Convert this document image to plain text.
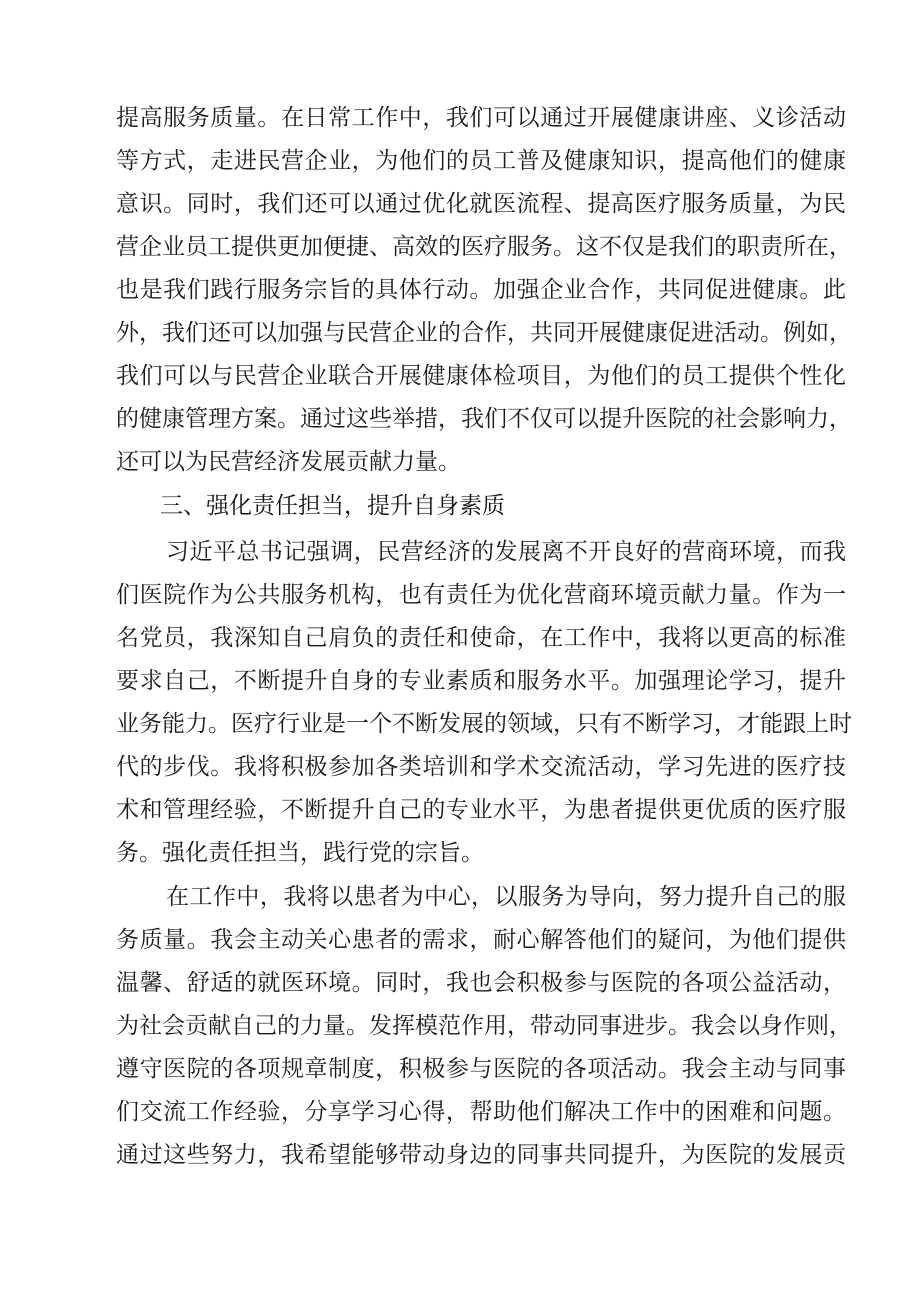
提高服务质量。在日常工作中，我们可以通过开展健康讲座、义诊活动
等方式，走进民营企业，为他们的员工普及健康知识，提高他们的健康
意识。同时，我们还可以通过优化就医流程、提高医疗服务质量，为民
营企业员工提供更加便捷、高效的医疗服务。这不仅是我们的职责所在，
也是我们践行服务宗旨的具体行动。加强企业合作，共同促进健康。此
外，我们还可以加强与民营企业的合作，共同开展健康促进活动。例如，
我们可以与民营企业联合开展健康体检项目，为他们的员工提供个性化
的健康管理方案。通过这些举措，我们不仅可以提升医院的社会影响力，
还可以为民营经济发展贡献力量。
三、强化责任担当，提升自身素质
习近平总书记强调，民营经济的发展离不开良好的营商环境，而我
们医院作为公共服务机构，也有责任为优化营商环境贡献力量。作为一
名党员，我深知自己肩负的责任和使命，在工作中，我将以更高的标准
要求自己，不断提升自身的专业素质和服务水平。加强理论学习，提升
业务能力。医疗行业是一个不断发展的领域，只有不断学习，才能跟上时
代的步伐。我将积极参加各类培训和学术交流活动，学习先进的医疗技
术和管理经验，不断提升自己的专业水平，为患者提供更优质的医疗服
务。强化责任担当，践行党的宗旨。
在工作中，我将以患者为中心，以服务为导向，努力提升自己的服
务质量。我会主动关心患者的需求，耐心解答他们的疑问，为他们提供
温馨、舒适的就医环境。同时，我也会积极参与医院的各项公益活动，
为社会贡献自己的力量。发挥模范作用，带动同事进步。我会以身作则，
遵守医院的各项规章制度，积极参与医院的各项活动。我会主动与同事
们交流工作经验，分享学习心得，帮助他们解决工作中的困难和问题。
通过这些努力，我希望能够带动身边的同事共同提升，为医院的发展贡
